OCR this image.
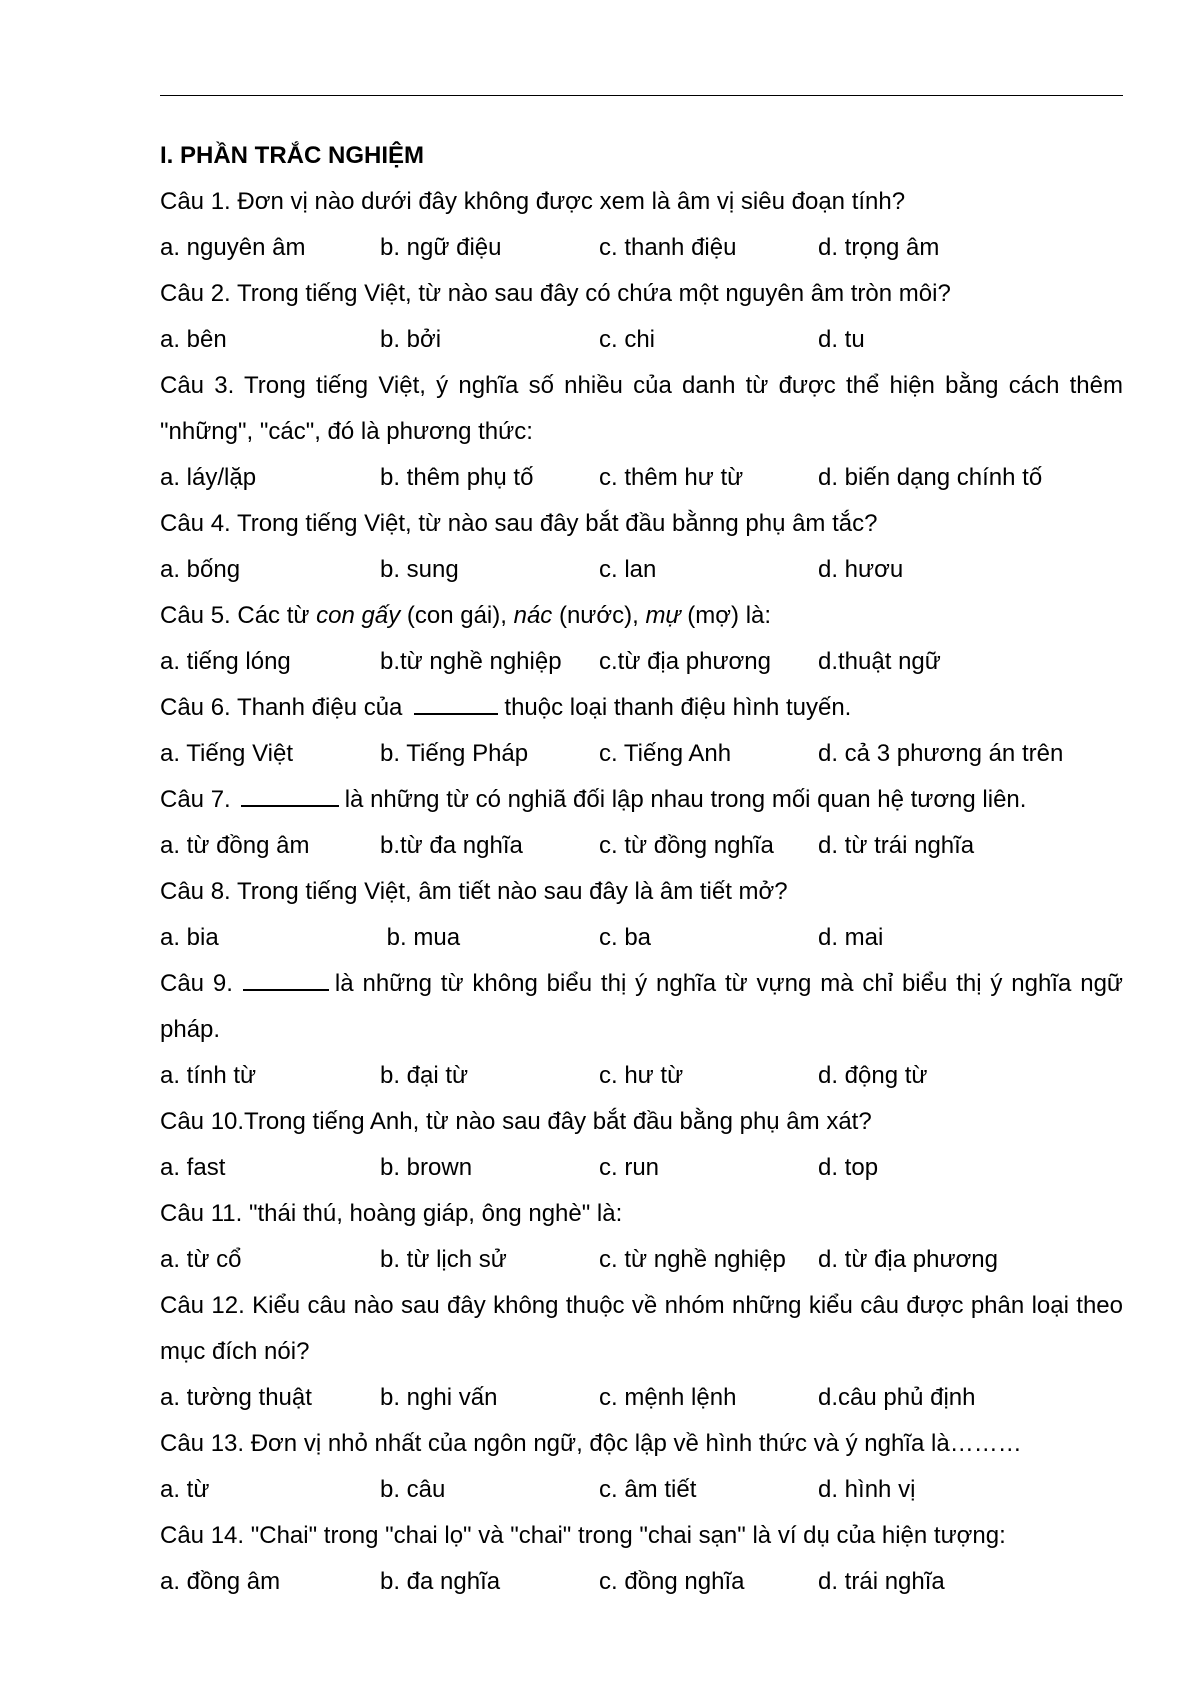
I. PHẦN TRẮC NGHIỆM
Câu 1. Đơn vị nào dưới đây không được xem là âm vị siêu đoạn tính?
a. nguyên âm	b. ngữ điệu	c. thanh điệu	d. trọng âm
Câu 2. Trong tiếng Việt, từ nào sau đây có chứa một nguyên âm tròn môi?
a. bên	b. bởi	c. chi	d. tu
Câu 3. Trong tiếng Việt, ý nghĩa số nhiều của danh từ được thể hiện bằng cách thêm "những", "các", đó là phương thức:
a. láy/lặp	b. thêm phụ tố	c. thêm hư từ	d. biến dạng chính tố
Câu 4. Trong tiếng Việt, từ nào sau đây bắt đầu bằnng phụ âm tắc?
a. bống	b. sung	c. lan	d. hươu
Câu 5. Các từ con gấy (con gái), nác (nước), mự (mợ) là:
a. tiếng lóng	b.từ nghề nghiệp	c.từ địa phương	d.thuật ngữ
Câu 6. Thanh điệu của	thuộc loại thanh điệu hình tuyến.
a. Tiếng Việt	b. Tiếng Pháp	c. Tiếng Anh	d. cả 3 phương án trên
Câu 7.	là những từ có nghiã đối lập nhau trong mối quan hệ tương liên.
a. từ đồng âm	b.từ đa nghĩa	c. từ đồng nghĩa	d. từ trái nghĩa
Câu 8. Trong tiếng Việt, âm tiết nào sau đây là âm tiết mở?
a. bia	b. mua	c. ba	d. mai
Câu 9.	là những từ không biểu thị ý nghĩa từ vựng mà chỉ biểu thị ý nghĩa ngữ pháp.
a. tính từ	b. đại từ	c. hư từ	d. động từ
Câu 10.Trong tiếng Anh, từ nào sau đây bắt đầu bằng phụ âm xát?
a. fast	b. brown	c. run	d. top
Câu 11. "thái thú, hoàng giáp, ông nghè" là:
a. từ cổ	b. từ lịch sử	c. từ nghề nghiệp	d. từ địa phương
Câu 12. Kiểu câu nào sau đây không thuộc về nhóm những kiểu câu được phân loại theo mục đích nói?
a. tường thuật	b. nghi vấn	c. mệnh lệnh	d.câu phủ định
Câu 13. Đơn vị nhỏ nhất của ngôn ngữ, độc lập về hình thức và ý nghĩa là………
a. từ	b. câu	c. âm tiết	d. hình vị
Câu 14. "Chai" trong "chai lọ" và "chai" trong "chai sạn" là ví dụ của hiện tượng:
a. đồng âm	b. đa nghĩa	c. đồng nghĩa	d. trái nghĩa
